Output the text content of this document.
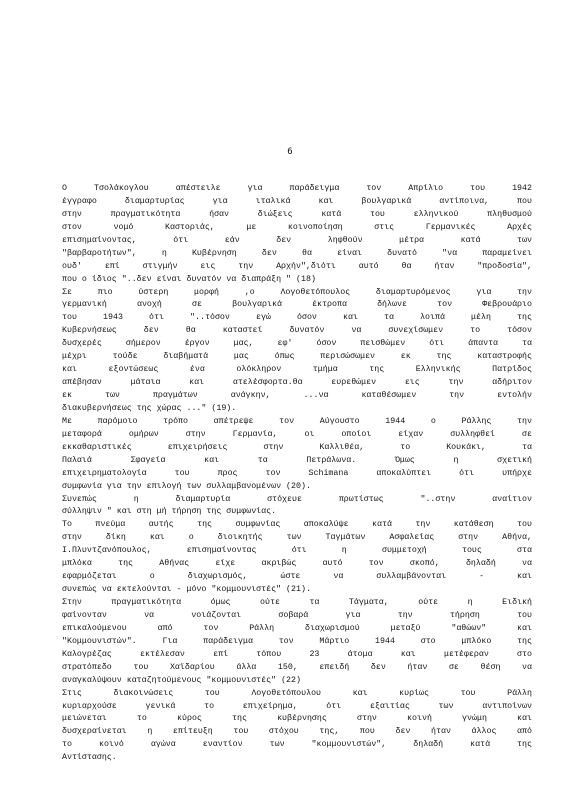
6
Ο Τσολάκογλου απέστειλε για παράδειγμα τον Απρίλιο του 1942
έγγραφο διαμαρτυρίας για ιταλικά και βουλγαρικά αντίποινα, που
στην πραγματικότητα ήσαν διώξεις κατά του ελληνικού πληθυσμού
στον νομό Καστοριάς, με κοινοποίηση στις Γερμανικές Αρχές
επισημαίνοντας, ότι εάν δεν ληφθούν μέτρα κατά των
"βαρβαροτήτων", η Κυβέρνηση δεν θα είναι δυνατό "να παραμείνει
ουδ' επί στιγμήν εις την Αρχήν",διότι αυτό θα ήταν "προδοσία",
που ο ίδιος "..δεν είναι δυνατόν να διαπράξη " (18)
Σε πιο ύστερη μορφή ,ο Λογοθετόπουλος διαμαρτυρόμενος για την
γερμανική ανοχή σε βουλγαρικά έκτροπα δήλωνε τον Φεβρουάριο
του 1943 ότι "..τόσον εγώ όσον και τα λοιπά μέλη της
Κυβερνήσεως δεν θα καταστεί δυνατόν να συνεχίσωμεν το τόσον
δυσχερές σήμερον έργον μας, εφ' όσον πεισθώμεν ότι άπαντα τα
μέχρι τούδε διαβήματά μας όπως περισώσωμεν εκ της καταστροφής
και εξοντώσεως ένα ολόκληρον τμήμα της Ελληνικής Πατρίδος
απέβησαν μάταια και ατελέσφορτα.θα ευρεθώμεν εις την αδήριτον
εκ των πραγμάτων ανάγκην, ...να καταθέσωμεν την εντολήν
διακυβερνήσεως της χώρας ..." (19).
Με παρόμοιο τρόπο απέτρεψε τον Αύγουστο 1944 ο Ράλλης την
μεταφορά ομήρων στην Γερμανία, οι οποίοι είχαν συλληφθεί σε
εκκαθαριστικές επιχειρήσεις στην Καλλιθέα, το Κουκάκι, τα
Παλαιά Σφαγεία και τα Πετράλωνα. Όμως η σχετική
επιχειρηματολογία του προς τον Schimana αποκαλύπτει ότι υπήρχε
συμφωνία για την επιλογή των συλλαμβανομένων (20).
Συνεπώς η διαμαρτυρία στόχευε πρωτίστως "..στην αναίτιον
σύλληψιν " και στη μή τήρηση της συμφωνίας.
Το πνεύμα αυτής της συμφωνίας αποκαλύψε κατά την κατάθεση του
στην δίκη και ο διοικητής των Ταγμάτων Ασφαλείας στην Αθήνα,
Ι.Πλυντζανόπουλος, επισημαίνοντας ότι η συμμετοχή τους στα
μπλόκα της Αθήνας είχε ακριβώς αυτό τον σκοπό, δηλαδή να
εφαρμόζεται ο διαχωρισμός, ώστε να συλλαμβάνονται - και
συνεπώς να εκτελούνται - μόνο "κομμουνιστές" (21).
Στην πραγματικότητα όμως ούτε τα Τάγματα, ούτε η Ειδική
φαίνονταν να νοιάζονται σοβαρά για την τήρηση του
επικαλούμενου από τον Ράλλη διαχωρισμού μεταξύ "αθώων" και
"Κομμουνιστών". Για παράδειγμα τον Μάρτιο 1944 στο μπλόκο της
Καλογρέζας εκτέλεσαν επί τόπου 23 άτομα και μετέφεραν στο
στρατόπεδο του Χαϊδαρίου άλλα 150, επειδή δεν ήταν σε θέση να
αναγκαλύψουν καταζητούμενους "κομμουνιστές" (22)
Στις διακοινώσεις του Λογοθετόπουλου και κυρίως του Ράλλη
κυριαρχούσε γενικά το επιχείρημα, ότι εξαιτίας των αντιποίνων
μειώνεται το κύρος της κυβέρνησης στην κοινή γνώμη και
δυσχεραίνεται η επίτευξη του στόχου της, που δεν ήταν άλλος από
το κοινό αγώνα εναντίον των "κομμουνιστών", δηλαδή κατά της
Αντίστασης.
